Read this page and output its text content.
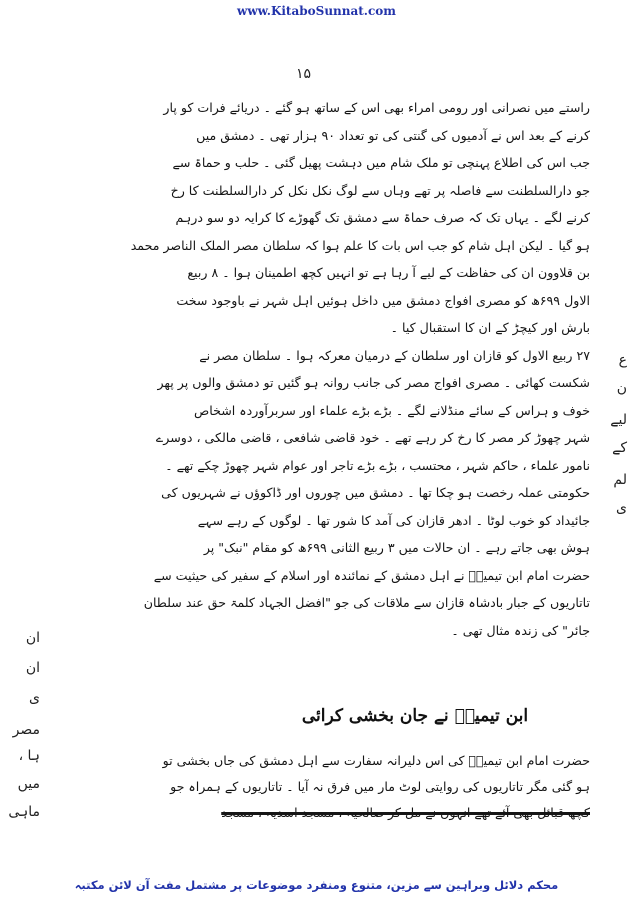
www.KitaboSunnat.com
۱۵
راستے میں نصرانی اور رومی امراء بھی اس کے ساتھ ہو گئے ۔ دریائے فرات کو پار
کرنے کے بعد اس نے آدمیوں کی گنتی کی تو تعداد ۹۰ ہزار تھی ۔ دمشق میں
جب اس کی اطلاع پہنچی تو ملک شام میں دہشت پھیل گئی ۔ حلب و حماۃ سے
جو دارالسلطنت سے فاصلہ پر تھے وہاں سے لوگ نکل نکل کر دارالسلطنت کا رخ
کرنے لگے ۔ یہاں تک کہ صرف حماۃ سے دمشق تک گھوڑے کا کرایہ دو سو درہم
ہو گیا ۔ لیکن اہل شام کو جب اس بات کا علم ہوا کہ سلطان مصر الملک الناصر محمد
بن قلاوون ان کی حفاظت کے لیے آ رہا ہے تو انہیں کچھ اطمینان ہوا ۔ ۸ ربیع
الاول ۶۹۹ھ کو مصری افواج دمشق میں داخل ہوئیں اہل شہر نے باوجود سخت
بارش اور کیچڑ کے ان کا استقبال کیا ۔
۲۷ ربیع الاول کو قازان اور سلطان کے درمیان معرکہ ہوا ۔ سلطان مصر نے
شکست کھائی ۔ مصری افواج مصر کی جانب روانہ ہو گئیں تو دمشق والوں پر پھر
خوف و ہراس کے سائے منڈلانے لگے ۔ بڑے بڑے علماء اور سربرآوردہ اشخاص
شہر چھوڑ کر مصر کا رخ کر رہے تھے ۔ خود قاضی شافعی ، قاضی مالکی ، دوسرے
نامور علماء ، حاکم شہر ، محتسب ، بڑے بڑے تاجر اور عوام شہر چھوڑ چکے تھے ۔
حکومتی عملہ رخصت ہو چکا تھا ۔ دمشق میں چوروں اور ڈاکوؤں نے شہریوں کی
جائیداد کو خوب لوٹا ۔ ادھر قازان کی آمد کا شور تھا ۔ لوگوں کے رہے سہے
ہوش بھی جاتے رہے ۔ ان حالات میں ۳ ربیع الثانی ۶۹۹ھ کو مقام "نبک" پر
حضرت امام ابن تیمیہؒ نے اہل دمشق کے نمائندہ اور اسلام کے سفیر کی حیثیت سے
تاتاریوں کے جبار بادشاہ قازان سے ملاقات کی جو "افضل الجہاد کلمۃ حق عند سلطان
جائر" کی زندہ مثال تھی ۔
ابن تیمیہؒ نے جان بخشی کرائی
حضرت امام ابن تیمیہؒ کی اس دلیرانہ سفارت سے اہل دمشق کی جاں بخشی تو
ہو گئی مگر تاتاریوں کی روایتی لوٹ مار میں فرق نہ آیا ۔ تاتاریوں کے ہمراہ جو
کچھ قبائل بھی آئے تھے انہوں نے مل کر صالحیہ ، مسجد اسدیہ ، مسجد
ع
ن
لیے
کے
لم
ی
ان
ان
ی
مصر
ہا ،
میں
ماہی
محکم دلائل وبراہین سے مزین، متنوع ومنفرد موضوعات پر مشتمل مفت آن لائن مکتبہ
